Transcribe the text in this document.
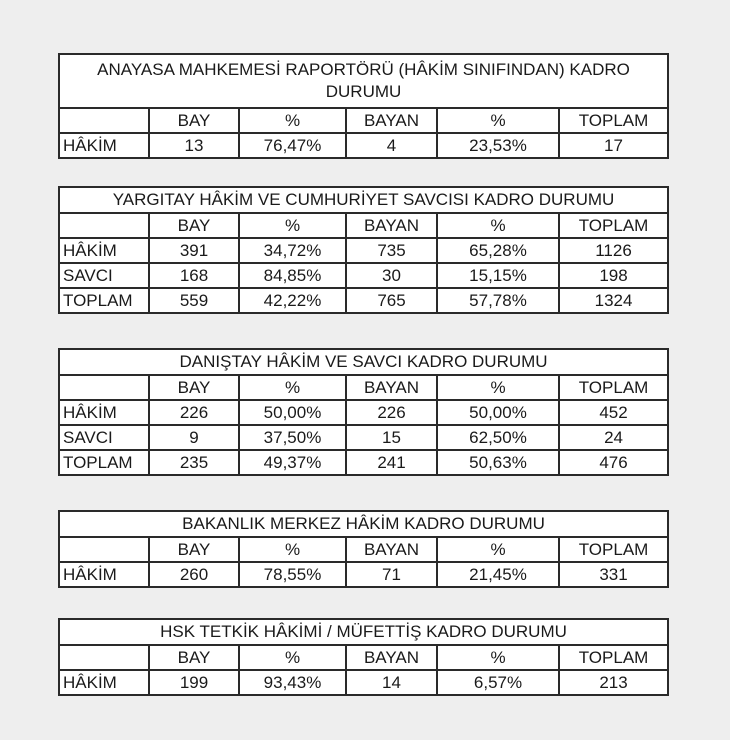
ANAYASA MAHKEMESİ RAPORTÖRÜ (HÂKİM SINIFINDAN) KADRO DURUMU					
	BAY	%	BAYAN	%	TOPLAM
HÂKİM	13	76,47%	4	23,53%	17
YARGITAY HÂKİM VE CUMHURİYET SAVCISI KADRO DURUMU					
	BAY	%	BAYAN	%	TOPLAM
HÂKİM	391	34,72%	735	65,28%	1126
SAVCI	168	84,85%	30	15,15%	198
TOPLAM	559	42,22%	765	57,78%	1324
DANIŞTAY HÂKİM VE SAVCI KADRO DURUMU					
	BAY	%	BAYAN	%	TOPLAM
HÂKİM	226	50,00%	226	50,00%	452
SAVCI	9	37,50%	15	62,50%	24
TOPLAM	235	49,37%	241	50,63%	476
BAKANLIK MERKEZ HÂKİM KADRO DURUMU					
	BAY	%	BAYAN	%	TOPLAM
HÂKİM	260	78,55%	71	21,45%	331
HSK TETKİK HÂKİMİ / MÜFETTİŞ KADRO DURUMU					
	BAY	%	BAYAN	%	TOPLAM
HÂKİM	199	93,43%	14	6,57%	213
